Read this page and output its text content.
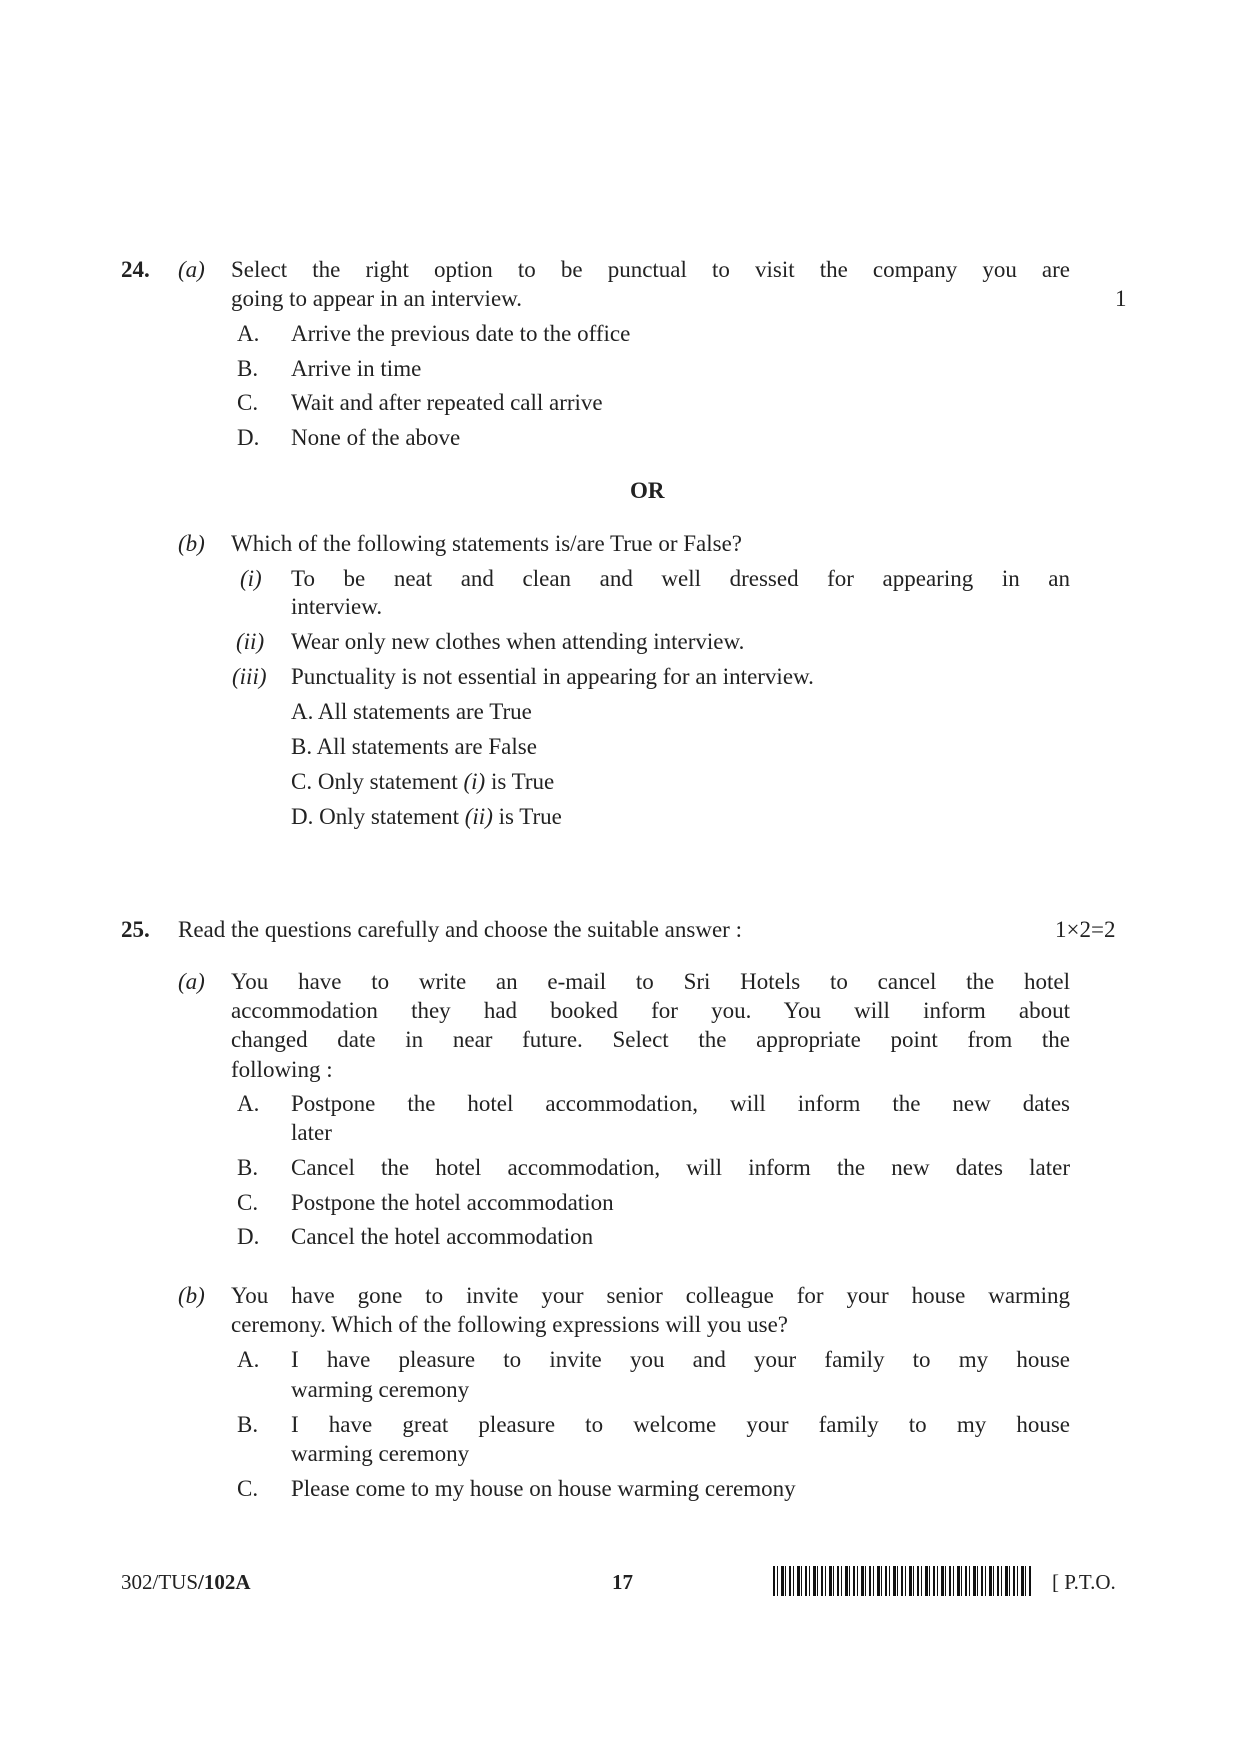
24. (a) Select the right option to be punctual to visit the company you are
going to appear in an interview.	1
A. Arrive the previous date to the office
B. Arrive in time
C. Wait and after repeated call arrive
D. None of the above
OR
(b) Which of the following statements is/are True or False?
(i) To be neat and clean and well dressed for appearing in an
interview.
(ii) Wear only new clothes when attending interview.
(iii) Punctuality is not essential in appearing for an interview.
A. All statements are True
B. All statements are False
C. Only statement (i) is True
D. Only statement (ii) is True
25. Read the questions carefully and choose the suitable answer :	1×2=2
(a) You have to write an e-mail to Sri Hotels to cancel the hotel
accommodation they had booked for you. You will inform about
changed date in near future. Select the appropriate point from the
following :
A. Postpone the hotel accommodation, will inform the new dates
later
B. Cancel the hotel accommodation, will inform the new dates later
C. Postpone the hotel accommodation
D. Cancel the hotel accommodation
(b) You have gone to invite your senior colleague for your house warming
ceremony. Which of the following expressions will you use?
A. I have pleasure to invite you and your family to my house
warming ceremony
B. I have great pleasure to welcome your family to my house
warming ceremony
C. Please come to my house on house warming ceremony
302/TUS/102A	17	[ P.T.O.
